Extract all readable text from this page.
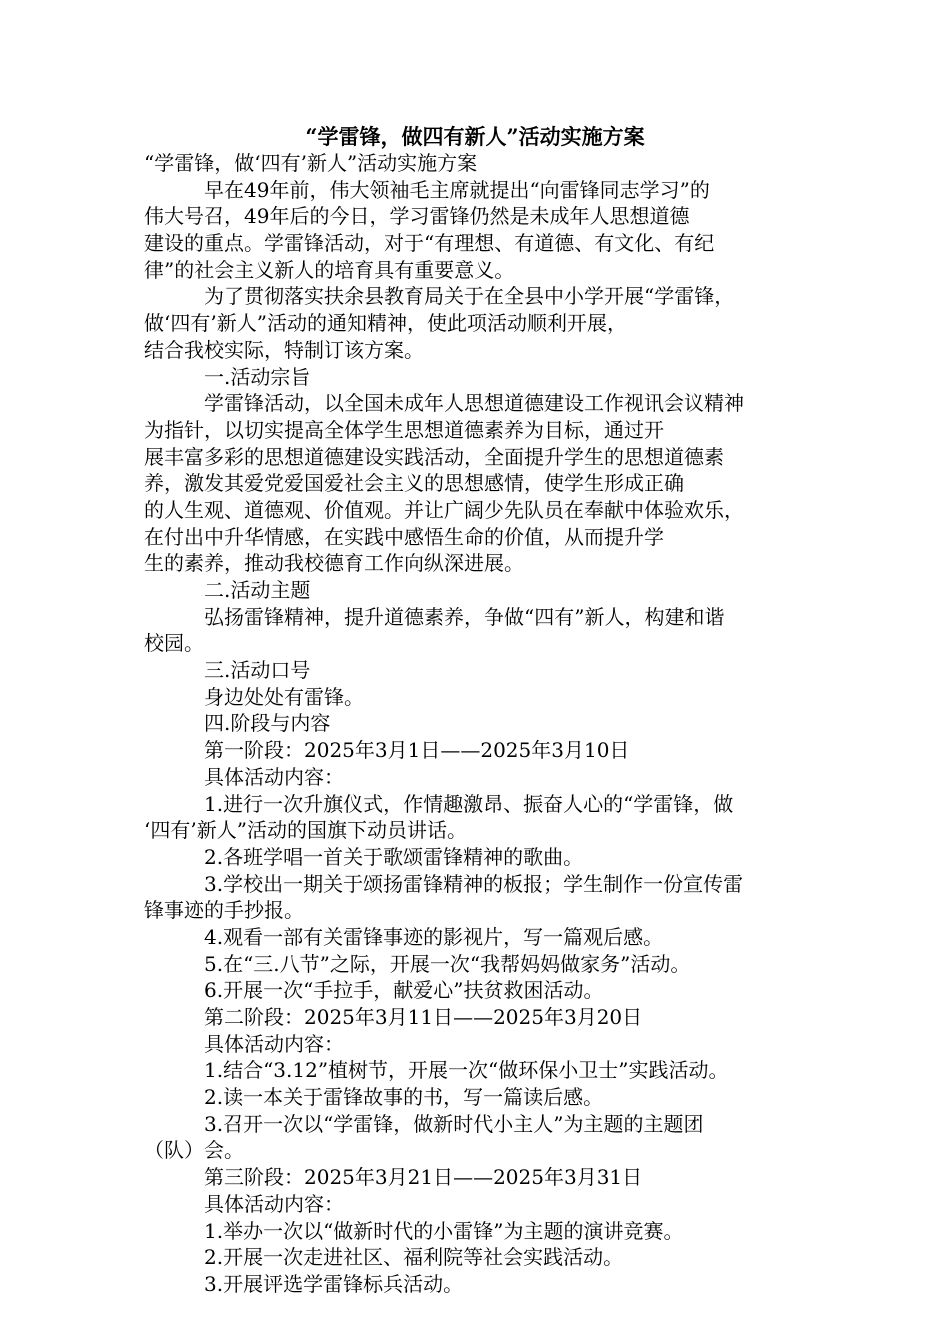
“学雷锋，做四有新人”活动实施方案
“学雷锋，做‘四有’新人”活动实施方案
早在49年前，伟大领袖毛主席就提出“向雷锋同志学习”的
伟大号召，49年后的今日，学习雷锋仍然是未成年人思想道德
建设的重点。学雷锋活动，对于“有理想、有道德、有文化、有纪
律”的社会主义新人的培育具有重要意义。
为了贯彻落实扶余县教育局关于在全县中小学开展“学雷锋，
做‘四有’新人”活动的通知精神，使此项活动顺利开展，
结合我校实际，特制订该方案。
一.活动宗旨
学雷锋活动，以全国未成年人思想道德建设工作视讯会议精神
为指针，以切实提高全体学生思想道德素养为目标，通过开
展丰富多彩的思想道德建设实践活动，全面提升学生的思想道德素
养，激发其爱党爱国爱社会主义的思想感情，使学生形成正确
的人生观、道德观、价值观。并让广阔少先队员在奉献中体验欢乐，
在付出中升华情感，在实践中感悟生命的价值，从而提升学
生的素养，推动我校德育工作向纵深进展。
二.活动主题
弘扬雷锋精神，提升道德素养，争做“四有”新人，构建和谐
校园。
三.活动口号
身边处处有雷锋。
四.阶段与内容
第一阶段：2025年3月1日——2025年3月10日
具体活动内容：
1.进行一次升旗仪式，作情趣激昂、振奋人心的“学雷锋，做
‘四有’新人”活动的国旗下动员讲话。
2.各班学唱一首关于歌颂雷锋精神的歌曲。
3.学校出一期关于颂扬雷锋精神的板报；学生制作一份宣传雷
锋事迹的手抄报。
4.观看一部有关雷锋事迹的影视片，写一篇观后感。
5.在“三.八节”之际，开展一次“我帮妈妈做家务”活动。
6.开展一次“手拉手，献爱心”扶贫救困活动。
第二阶段：2025年3月11日——2025年3月20日
具体活动内容：
1.结合“3.12”植树节，开展一次“做环保小卫士”实践活动。
2.读一本关于雷锋故事的书，写一篇读后感。
3.召开一次以“学雷锋，做新时代小主人”为主题的主题团
（队）会。
第三阶段：2025年3月21日——2025年3月31日
具体活动内容：
1.举办一次以“做新时代的小雷锋”为主题的演讲竞赛。
2.开展一次走进社区、福利院等社会实践活动。
3.开展评选学雷锋标兵活动。
